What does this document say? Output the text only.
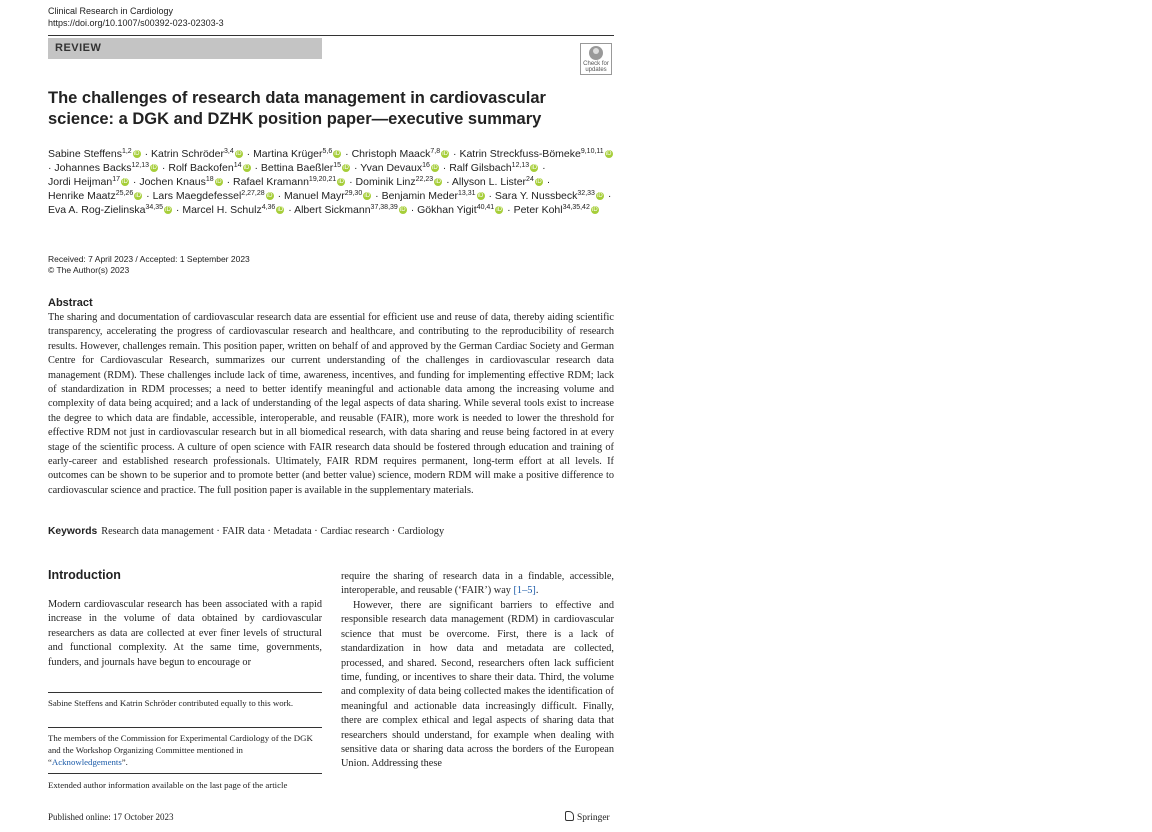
Clinical Research in Cardiology
https://doi.org/10.1007/s00392-023-02303-3
REVIEW
Check for updates
The challenges of research data management in cardiovascular science: a DGK and DZHK position paper—executive summary
Sabine Steffens$^{1,2}$ iD · Katrin Schröder$^{3,4}$ iD · Martina Krüger$^{5,6}$ iD · Christoph Maack$^{7,8}$ iD · Katrin Streckfuss‑Bömeke$^{9,10,11}$ iD · Johannes Backs$^{12,13}$ iD · Rolf Backofen$^{14}$ iD · Bettina Baeßler$^{15}$ iD · Yvan Devaux$^{16}$ iD · Ralf Gilsbach$^{12,13}$ iD · Jordi Heijman$^{17}$ iD · Jochen Knaus$^{18}$ iD · Rafael Kramann$^{19,20,21}$ iD · Dominik Linz$^{22,23}$ iD · Allyson L. Lister$^{24}$ iD · Henrike Maatz$^{25,26}$ iD · Lars Maegdefessel$^{2,27,28}$ iD · Manuel Mayr$^{29,30}$ iD · Benjamin Meder$^{13,31}$ iD · Sara Y. Nussbeck$^{32,33}$ iD · Eva A. Rog‑Zielinska$^{34,35}$ iD · Marcel H. Schulz$^{4,36}$ iD · Albert Sickmann$^{37,38,39}$ iD · Gökhan Yigit$^{40,41}$ iD · Peter Kohl$^{34,35,42}$ iD
Received: 7 April 2023 / Accepted: 1 September 2023
© The Author(s) 2023
Abstract
The sharing and documentation of cardiovascular research data are essential for efficient use and reuse of data, thereby aiding scientific transparency, accelerating the progress of cardiovascular research and healthcare, and contributing to the reproducibility of research results. However, challenges remain. This position paper, written on behalf of and approved by the German Cardiac Society and German Centre for Cardiovascular Research, summarizes our current understanding of the challenges in cardiovascular research data management (RDM). These challenges include lack of time, awareness, incentives, and funding for implementing effective RDM; lack of standardization in RDM processes; a need to better identify meaningful and actionable data among the increasing volume and complexity of data being acquired; and a lack of understanding of the legal aspects of data sharing. While several tools exist to increase the degree to which data are findable, accessible, interoperable, and reusable (FAIR), more work is needed to lower the threshold for effective RDM not just in cardiovascular research but in all biomedical research, with data sharing and reuse being factored in at every stage of the scientific process. A culture of open science with FAIR research data should be fostered through education and training of early-career and established research professionals. Ultimately, FAIR RDM requires permanent, long-term effort at all levels. If outcomes can be shown to be superior and to promote better (and better value) science, modern RDM will make a positive difference to cardiovascular science and practice. The full position paper is available in the supplementary materials.
Keywords Research data management · FAIR data · Metadata · Cardiac research · Cardiology
Introduction
Modern cardiovascular research has been associated with a rapid increase in the volume of data obtained by cardiovascular researchers as data are collected at ever finer levels of structural and functional complexity. At the same time, governments, funders, and journals have begun to encourage or
Sabine Steffens and Katrin Schröder contributed equally to this work.
The members of the Commission for Experimental Cardiology of the DGK and the Workshop Organizing Committee mentioned in “Acknowledgements”.
Extended author information available on the last page of the article
require the sharing of research data in a findable, accessible, interoperable, and reusable (‘FAIR’) way [1–5].
However, there are significant barriers to effective and responsible research data management (RDM) in cardiovascular science that must be overcome. First, there is a lack of standardization in how data and metadata are collected, processed, and shared. Second, researchers often lack sufficient time, funding, or incentives to share their data. Third, the volume and complexity of data being collected makes the identification of meaningful and actionable data increasingly difficult. Finally, there are complex ethical and legal aspects of sharing data that researchers should understand, for example when dealing with sensitive data or sharing data across the borders of the European Union. Addressing these
Published online: 17 October 2023	Springer
